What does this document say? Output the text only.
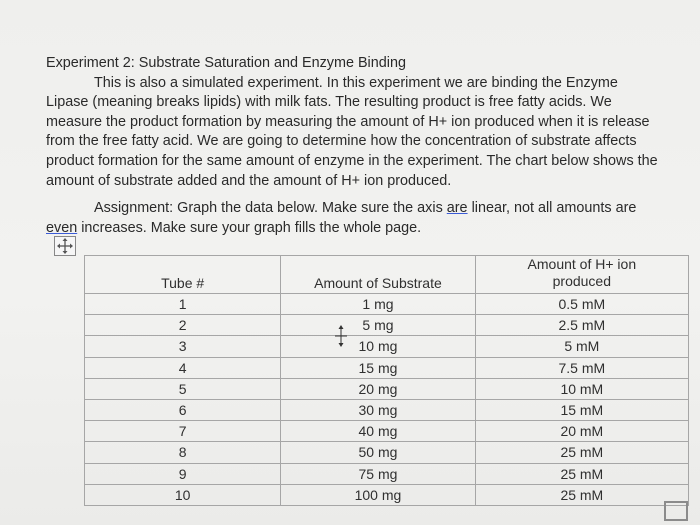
Experiment 2: Substrate Saturation and Enzyme Binding
This is also a simulated experiment. In this experiment we are binding the Enzyme
Lipase (meaning breaks lipids) with milk fats. The resulting product is free fatty acids. We
measure the product formation by measuring the amount of H+ ion produced when it is release
from the free fatty acid. We are going to determine how the concentration of substrate affects
product formation for the same amount of enzyme in the experiment. The chart below shows the
amount of substrate added and the amount of H+ ion produced.
Assignment: Graph the data below. Make sure the axis are linear, not all amounts are
even increases. Make sure your graph fills the whole page.
Tube #	Amount of Substrate	Amount of H+ ion
produced
1	1 mg	0.5 mM
2	5 mg	2.5 mM
3	10 mg	5 mM
4	15 mg	7.5 mM
5	20 mg	10 mM
6	30 mg	15 mM
7	40 mg	20 mM
8	50 mg	25 mM
9	75 mg	25 mM
10	100 mg	25 mM
